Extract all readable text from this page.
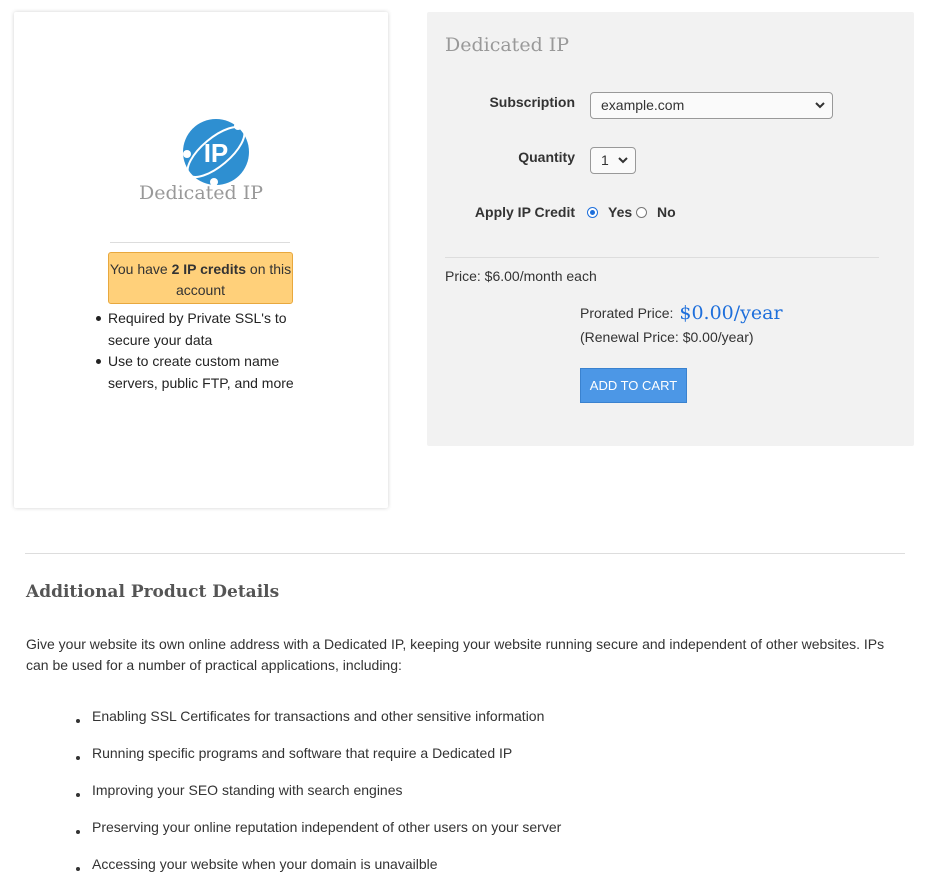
IP
Dedicated IP
You have 2 IP credits on this account
Required by Private SSL's to secure your data
Use to create custom name servers, public FTP, and more
Dedicated IP
Subscription	example.com
Quantity	1
Apply IP Credit	Yes	No
Price: $6.00/month each
Prorated Price: $0.00/year
(Renewal Price: $0.00/year)
ADD TO CART
Additional Product Details
Give your website its own online address with a Dedicated IP, keeping your website running secure and independent of other websites. IPs can be used for a number of practical applications, including:
Enabling SSL Certificates for transactions and other sensitive information
Running specific programs and software that require a Dedicated IP
Improving your SEO standing with search engines
Preserving your online reputation independent of other users on your server
Accessing your website when your domain is unavailble
